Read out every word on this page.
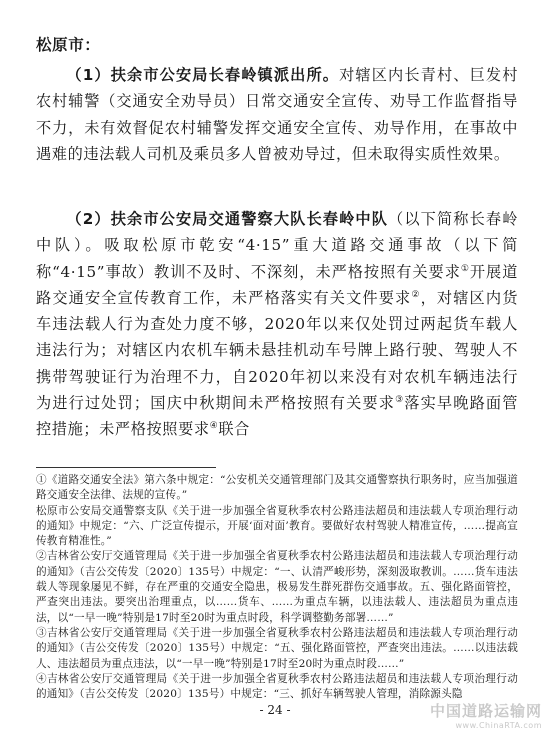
松原市：
（1）扶余市公安局长春岭镇派出所。对辖区内长青村、巨发村农村辅警（交通安全劝导员）日常交通安全宣传、劝导工作监督指导不力，未有效督促农村辅警发挥交通安全宣传、劝导作用，在事故中遇难的违法载人司机及乘员多人曾被劝导过，但未取得实质性效果。
（2）扶余市公安局交通警察大队长春岭中队（以下简称长春岭中队）。吸取松原市乾安“4·15”重大道路交通事故（以下简称“4·15”事故）教训不及时、不深刻，未严格按照有关要求①开展道路交通安全宣传教育工作，未严格落实有关文件要求②，对辖区内货车违法载人行为查处力度不够，2020年以来仅处罚过两起货车载人违法行为；对辖区内农机车辆未悬挂机动车号牌上路行驶、驾驶人不携带驾驶证行为治理不力，自2020年初以来没有对农机车辆违法行为进行过处罚；国庆中秋期间未严格按照有关要求③落实早晚路面管控措施；未严格按照要求④联合

①《道路交通安全法》第六条中规定：“公安机关交通管理部门及其交通警察执行职务时，应当加强道路交通安全法律、法规的宣传。”

松原市公安局交通警察支队《关于进一步加强全省夏秋季农村公路违法超员和违法载人专项治理行动的通知》中规定：“六、广泛宣传提示，开展‘面对面’教育。要做好农村驾驶人精准宣传，……提高宣传教育精准性。”

②吉林省公安厅交通管理局《关于进一步加强全省夏秋季农村公路违法超员和违法载人专项治理行动的通知》（吉公交传发〔2020〕135号）中规定：“一、认清严峻形势，深刻汲取教训。……货车违法载人等现象屡见不鲜，存在严重的交通安全隐患，极易发生群死群伤交通事故。五、强化路面管控，严查突出违法。要突出治理重点，以……货车、……为重点车辆，以违法载人、违法超员为重点违法，以“一早一晚”特别是17时至20时为重点时段，科学调整勤务部署……”

③吉林省公安厅交通管理局《关于进一步加强全省夏秋季农村公路违法超员和违法载人专项治理行动的通知》（吉公交传发〔2020〕135号）中规定：“五、强化路面管控，严查突出违法。……以违法载人、违法超员为重点违法，以“一早一晚”特别是17时至20时为重点时段……”

④吉林省公安厅交通管理局《关于进一步加强全省夏秋季农村公路违法超员和违法载人专项治理行动的通知》（吉公交传发〔2020〕135号）中规定：“三、抓好车辆驾驶人管理，消除源头隐

- 24 -	中国道路运输网
www.ChinaRTA.com
